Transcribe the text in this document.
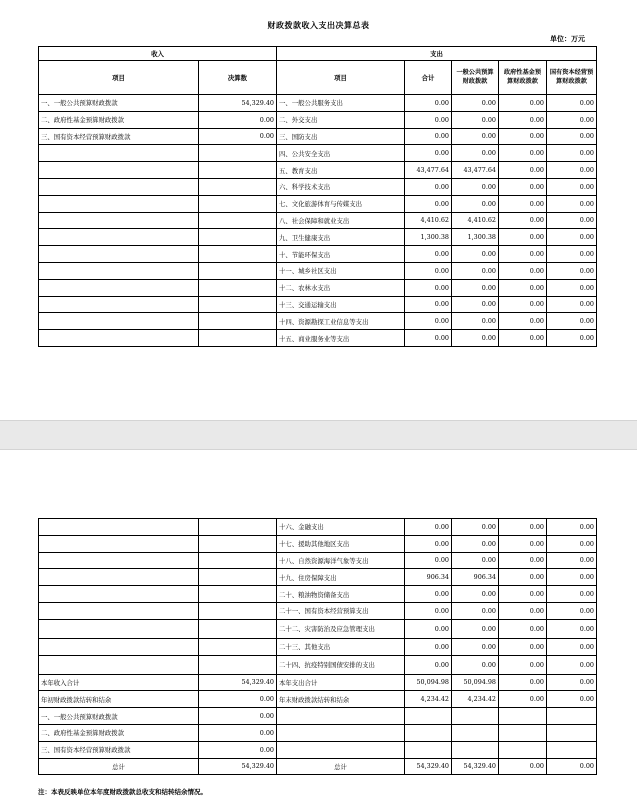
财政拨款收入支出决算总表
单位：万元
收入		支出				
项目	决算数	项目	合计	一般公共预算财政拨款	政府性基金预算财政拨款	国有资本经营预算财政拨款
一、一般公共预算财政拨款	54,329.40	一、一般公共服务支出	0.00	0.00	0.00	0.00
二、政府性基金预算财政拨款	0.00	二、外交支出	0.00	0.00	0.00	0.00
三、国有资本经营预算财政拨款	0.00	三、国防支出	0.00	0.00	0.00	0.00
		四、公共安全支出	0.00	0.00	0.00	0.00
		五、教育支出	43,477.64	43,477.64	0.00	0.00
		六、科学技术支出	0.00	0.00	0.00	0.00
		七、文化旅游体育与传媒支出	0.00	0.00	0.00	0.00
		八、社会保障和就业支出	4,410.62	4,410.62	0.00	0.00
		九、卫生健康支出	1,300.38	1,300.38	0.00	0.00
		十、节能环保支出	0.00	0.00	0.00	0.00
		十一、城乡社区支出	0.00	0.00	0.00	0.00
		十二、农林水支出	0.00	0.00	0.00	0.00
		十三、交通运输支出	0.00	0.00	0.00	0.00
		十四、资源勘探工业信息等支出	0.00	0.00	0.00	0.00
		十五、商业服务业等支出	0.00	0.00	0.00	0.00
		十六、金融支出	0.00	0.00	0.00	0.00
		十七、援助其他地区支出	0.00	0.00	0.00	0.00
		十八、自然资源海洋气象等支出	0.00	0.00	0.00	0.00
		十九、住房保障支出	906.34	906.34	0.00	0.00
		二十、粮油物资储备支出	0.00	0.00	0.00	0.00
		二十一、国有资本经营预算支出	0.00	0.00	0.00	0.00
		二十二、灾害防治及应急管理支出	0.00	0.00	0.00	0.00
		二十三、其他支出	0.00	0.00	0.00	0.00
		二十四、抗疫特别国债安排的支出	0.00	0.00	0.00	0.00
本年收入合计	54,329.40	本年支出合计	50,094.98	50,094.98	0.00	0.00
年初财政拨款结转和结余	0.00	年末财政拨款结转和结余	4,234.42	4,234.42	0.00	0.00
一、一般公共预算财政拨款	0.00					
二、政府性基金预算财政拨款	0.00					
三、国有资本经营预算财政拨款	0.00					
总计	54,329.40	总计	54,329.40	54,329.40	0.00	0.00
注：本表反映单位本年度财政拨款总收支和结转结余情况。
